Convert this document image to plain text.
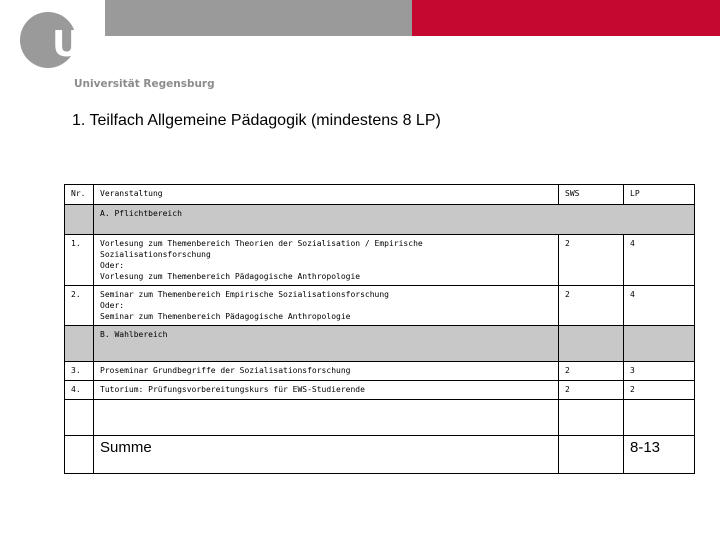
UR
Universität Regensburg
1. Teilfach Allgemeine Pädagogik (mindestens 8 LP)
Nr.	Veranstaltung	SWS	LP
	A. Pflichtbereich		
1.	Vorlesung zum Themenbereich Theorien der Sozialisation / Empirische
Sozialisationsforschung
Oder:
Vorlesung zum Themenbereich Pädagogische Anthropologie	2	4
2.	Seminar zum Themenbereich Empirische Sozialisationsforschung
Oder:
Seminar zum Themenbereich Pädagogische Anthropologie	2	4
	B. Wahlbereich		
3.	Proseminar Grundbegriffe der Sozialisationsforschung	2	3
4.	Tutorium: Prüfungsvorbereitungskurs für EWS-Studierende	2	2

	Summe		8-13
